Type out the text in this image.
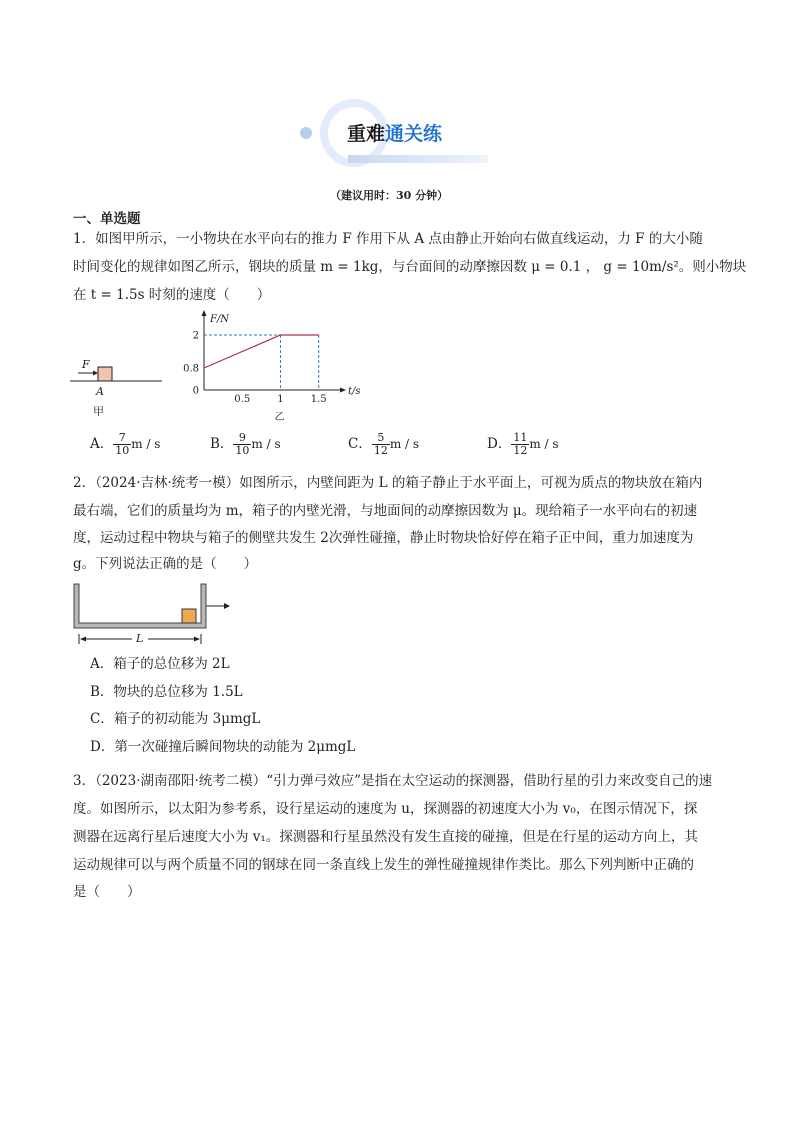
重难通关练
（建议用时：30 分钟）
一、单选题
1．如图甲所示，一小物块在水平向右的推力 F 作用下从 A 点由静止开始向右做直线运动，力 F 的大小随
时间变化的规律如图乙所示，钢块的质量 m = 1kg，与台面间的动摩擦因数 μ = 0.1 ， g = 10m/s²。则小物块
在 t = 1.5s 时刻的速度（　　）
F
A
甲
0.5	1	1.5
0.8
2
0	t/s
F/N
乙
A． $\frac{7}{10}$ m / s	B． $\frac{9}{10}$ m / s	C． $\frac{5}{12}$ m / s	D． $\frac{11}{12}$ m / s
2．（2024·吉林·统考一模）如图所示，内壁间距为 L 的箱子静止于水平面上，可视为质点的物块放在箱内
最右端，它们的质量均为 m，箱子的内壁光滑，与地面间的动摩擦因数为 μ。现给箱子一水平向右的初速
度，运动过程中物块与箱子的侧壁共发生 2次弹性碰撞，静止时物块恰好停在箱子正中间，重力加速度为
g。下列说法正确的是（　　）
L
A．箱子的总位移为 2L
B．物块的总位移为 1.5L
C．箱子的初动能为 3μmgL
D．第一次碰撞后瞬间物块的动能为 2μmgL
3．（2023·湖南邵阳·统考二模）“引力弹弓效应”是指在太空运动的探测器，借助行星的引力来改变自己的速
度。如图所示，以太阳为参考系，设行星运动的速度为 u，探测器的初速度大小为 v₀，在图示情况下，探
测器在远离行星后速度大小为 v₁。探测器和行星虽然没有发生直接的碰撞，但是在行星的运动方向上，其
运动规律可以与两个质量不同的钢球在同一条直线上发生的弹性碰撞规律作类比。那么下列判断中正确的
是（　　）
